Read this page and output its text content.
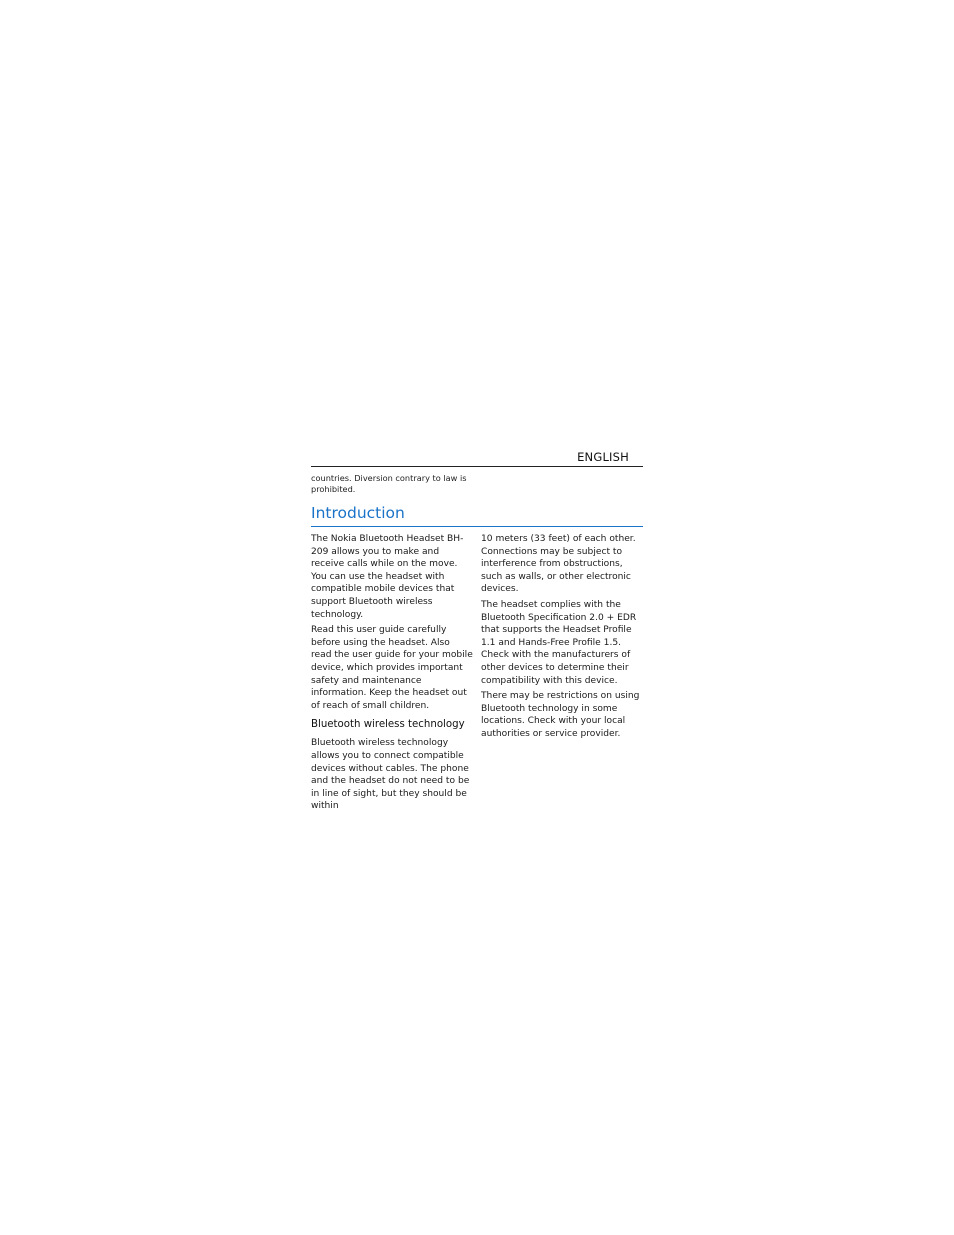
ENGLISH
countries. Diversion contrary to law is prohibited.
Introduction

The Nokia Bluetooth Headset BH-209 allows you to make and receive calls while on the move. You can use the headset with compatible mobile devices that support Bluetooth wireless technology.

Read this user guide carefully before using the headset. Also read the user guide for your mobile device, which provides important safety and maintenance information. Keep the headset out of reach of small children.

Bluetooth wireless technology

Bluetooth wireless technology allows you to connect compatible devices without cables. The phone and the headset do not need to be in line of sight, but they should be within

10 meters (33 feet) of each other. Connections may be subject to interference from obstructions, such as walls, or other electronic devices.

The headset complies with the Bluetooth Specification 2.0 + EDR that supports the Headset Profile 1.1 and Hands-Free Profile 1.5. Check with the manufacturers of other devices to determine their compatibility with this device.

There may be restrictions on using Bluetooth technology in some locations. Check with your local authorities or service provider.
